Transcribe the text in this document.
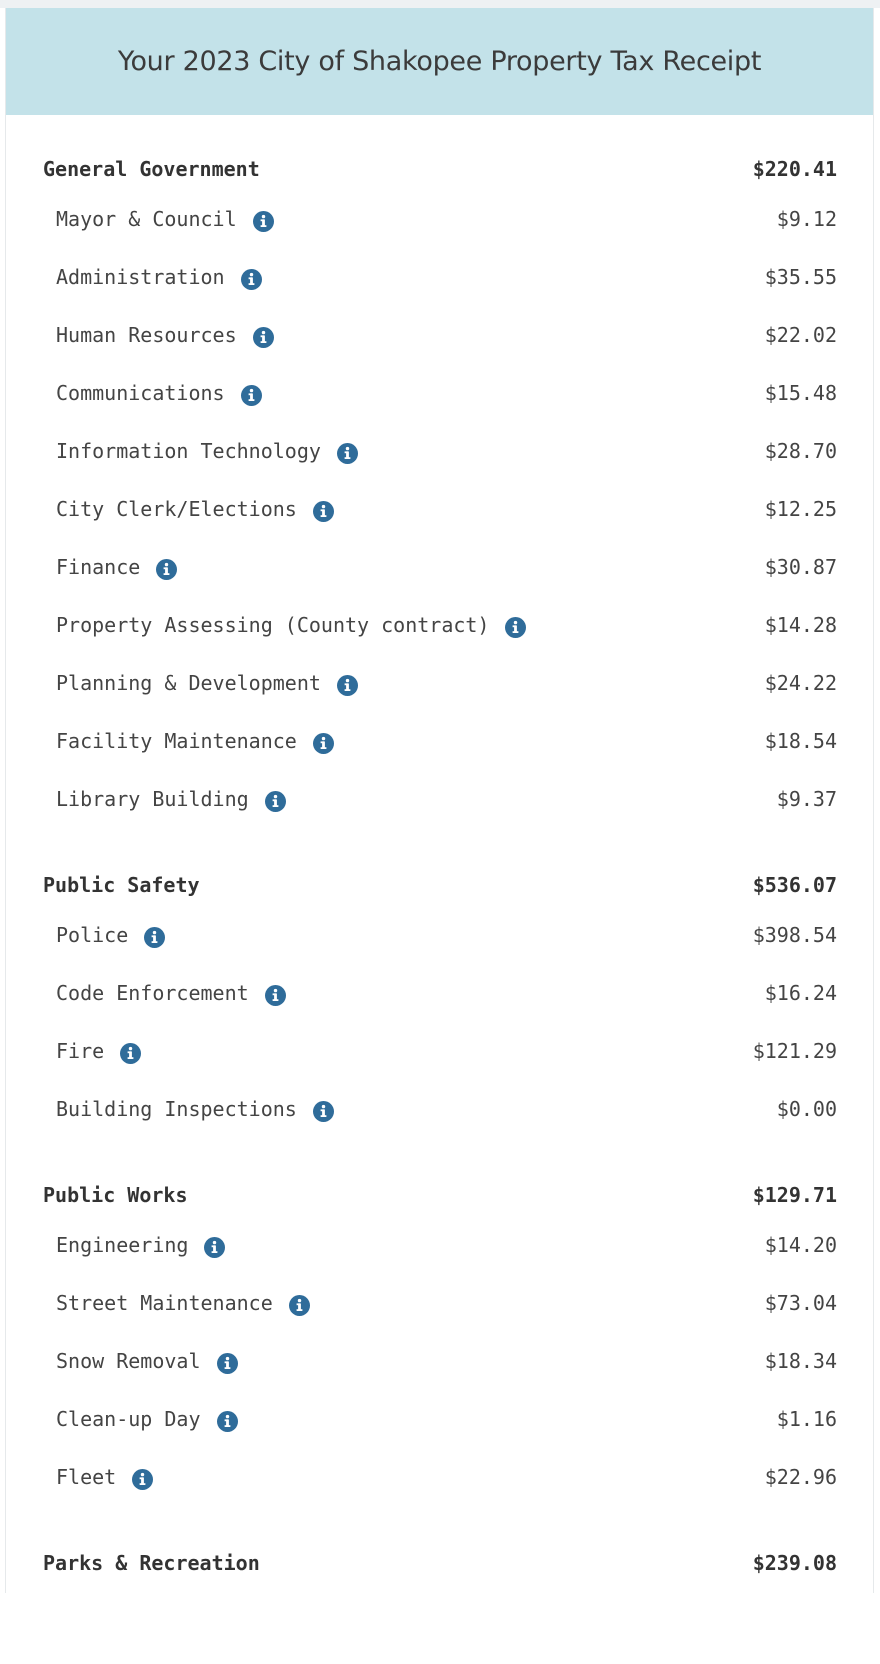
Your 2023 City of Shakopee Property Tax Receipt
General Government	$220.41
Mayor & Council	$9.12
Administration	$35.55
Human Resources	$22.02
Communications	$15.48
Information Technology	$28.70
City Clerk/Elections	$12.25
Finance	$30.87
Property Assessing (County contract)	$14.28
Planning & Development	$24.22
Facility Maintenance	$18.54
Library Building	$9.37
Public Safety	$536.07
Police	$398.54
Code Enforcement	$16.24
Fire	$121.29
Building Inspections	$0.00
Public Works	$129.71
Engineering	$14.20
Street Maintenance	$73.04
Snow Removal	$18.34
Clean-up Day	$1.16
Fleet	$22.96
Parks & Recreation	$239.08
